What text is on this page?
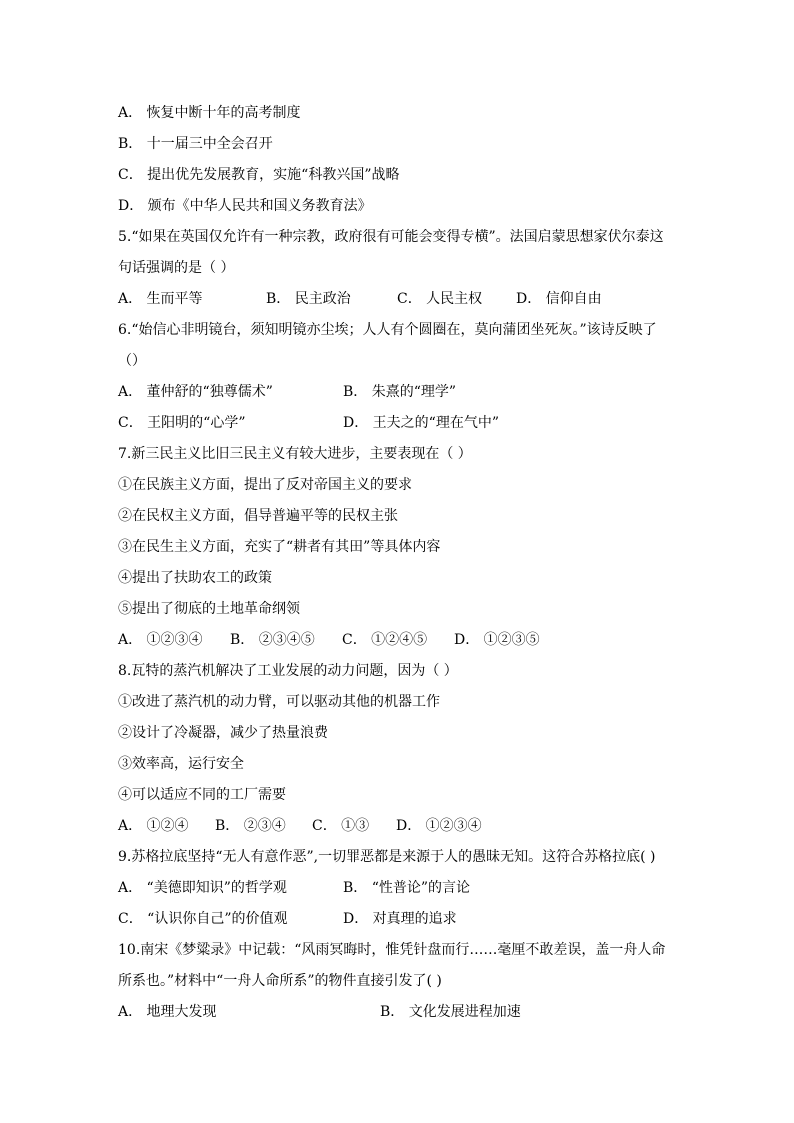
A． 恢复中断十年的高考制度
B． 十一届三中全会召开
C． 提出优先发展教育，实施“科教兴国”战略
D． 颁布《中华人民共和国义务教育法》
5.“如果在英国仅允许有一种宗教，政府很有可能会变得专横”。法国启蒙思想家伏尔泰这
句话强调的是（ ）
A． 生而平等	B． 民主政治	C． 人民主权	D． 信仰自由
6.“始信心非明镜台，须知明镜亦尘埃；人人有个圆圈在，莫向蒲团坐死灰。”该诗反映了
（）
A． 董仲舒的“独尊儒术”	B． 朱熹的“理学”
C． 王阳明的“心学”	D． 王夫之的“理在气中”
7.新三民主义比旧三民主义有较大进步，主要表现在（ ）
①在民族主义方面，提出了反对帝国主义的要求
②在民权主义方面，倡导普遍平等的民权主张
③在民生主义方面，充实了“耕者有其田”等具体内容
④提出了扶助农工的政策
⑤提出了彻底的土地革命纲领
A． ①②③④	B． ②③④⑤	C． ①②④⑤	D． ①②③⑤
8.瓦特的蒸汽机解决了工业发展的动力问题，因为（ ）
①改进了蒸汽机的动力臂，可以驱动其他的机器工作
②设计了冷凝器，减少了热量浪费
③效率高，运行安全
④可以适应不同的工厂需要
A． ①②④	B． ②③④	C． ①③	D． ①②③④
9.苏格拉底坚持“无人有意作恶”,一切罪恶都是来源于人的愚昧无知。这符合苏格拉底( )
A． “美德即知识”的哲学观	B． “性普论”的言论
C． “认识你自己”的价值观	D． 对真理的追求
10.南宋《梦粱录》中记载：“风雨冥晦时，惟凭针盘而行……毫厘不敢差误，盖一舟人命
所系也。”材料中“一舟人命所系”的物件直接引发了( )
A． 地理大发现	B． 文化发展进程加速
